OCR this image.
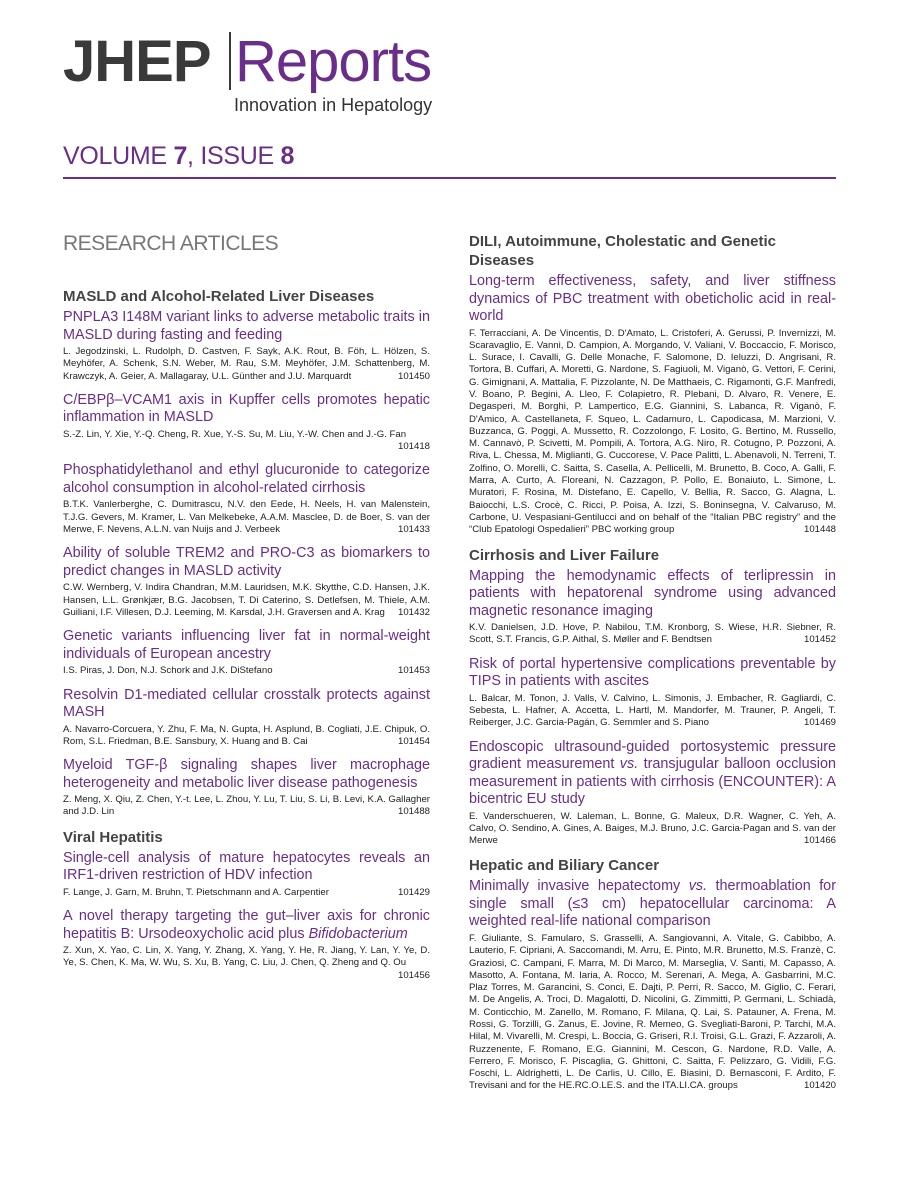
JHEP Reports
Innovation in Hepatology
VOLUME 7, ISSUE 8
RESEARCH ARTICLES
MASLD and Alcohol-Related Liver Diseases
PNPLA3 I148M variant links to adverse metabolic traits in MASLD during fasting and feeding
L. Jegodzinski, L. Rudolph, D. Castven, F. Sayk, A.K. Rout, B. Föh, L. Hölzen, S. Meyhöfer, A. Schenk, S.N. Weber, M. Rau, S.M. Meyhöfer, J.M. Schattenberg, M. Krawczyk, A. Geier, A. Mallagaray, U.L. Günther and J.U. Marquardt	101450
C/EBPβ–VCAM1 axis in Kupffer cells promotes hepatic inflammation in MASLD
S.-Z. Lin, Y. Xie, Y.-Q. Cheng, R. Xue, Y.-S. Su, M. Liu, Y.-W. Chen and J.-G. Fan
101418
Phosphatidylethanol and ethyl glucuronide to categorize alcohol consumption in alcohol-related cirrhosis
B.T.K. Vanlerberghe, C. Dumitrascu, N.V. den Eede, H. Neels, H. van Malenstein, T.J.G. Gevers, M. Kramer, L. Van Melkebeke, A.A.M. Masclee, D. de Boer, S. van der Merwe, F. Nevens, A.L.N. van Nuijs and J. Verbeek	101433
Ability of soluble TREM2 and PRO-C3 as biomarkers to predict changes in MASLD activity
C.W. Wernberg, V. Indira Chandran, M.M. Lauridsen, M.K. Skytthe, C.D. Hansen, J.K. Hansen, L.L. Grønkjær, B.G. Jacobsen, T. Di Caterino, S. Detlefsen, M. Thiele, A.M. Guiliani, I.F. Villesen, D.J. Leeming, M. Karsdal, J.H. Graversen and A. Krag 101432
Genetic variants influencing liver fat in normal-weight individuals of European ancestry
I.S. Piras, J. Don, N.J. Schork and J.K. DiStefano	101453
Resolvin D1-mediated cellular crosstalk protects against MASH
A. Navarro-Corcuera, Y. Zhu, F. Ma, N. Gupta, H. Asplund, B. Cogliati, J.E. Chipuk, O. Rom, S.L. Friedman, B.E. Sansbury, X. Huang and B. Cai	101454
Myeloid TGF-β signaling shapes liver macrophage heterogeneity and metabolic liver disease pathogenesis
Z. Meng, X. Qiu, Z. Chen, Y.-t. Lee, L. Zhou, Y. Lu, T. Liu, S. Li, B. Levi, K.A. Gallagher and J.D. Lin	101488
Viral Hepatitis
Single-cell analysis of mature hepatocytes reveals an IRF1-driven restriction of HDV infection
F. Lange, J. Garn, M. Bruhn, T. Pietschmann and A. Carpentier	101429
A novel therapy targeting the gut–liver axis for chronic hepatitis B: Ursodeoxycholic acid plus Bifidobacterium
Z. Xun, X. Yao, C. Lin, X. Yang, Y. Zhang, X. Yang, Y. He, R. Jiang, Y. Lan, Y. Ye, D. Ye, S. Chen, K. Ma, W. Wu, S. Xu, B. Yang, C. Liu, J. Chen, Q. Zheng and Q. Ou
101456
DILI, Autoimmune, Cholestatic and Genetic Diseases
Long-term effectiveness, safety, and liver stiffness dynamics of PBC treatment with obeticholic acid in real-world
F. Terracciani, A. De Vincentis, D. D'Amato, L. Cristoferi, A. Gerussi, P. Invernizzi, M. Scaravaglio, E. Vanni, D. Campion, A. Morgando, V. Valiani, V. Boccaccio, F. Morisco, L. Surace, I. Cavalli, G. Delle Monache, F. Salomone, D. Ieluzzi, D. Angrisani, R. Tortora, B. Cuffari, A. Moretti, G. Nardone, S. Fagiuoli, M. Viganò, G. Vettori, F. Cerini, G. Gimignani, A. Mattalia, F. Pizzolante, N. De Matthaeis, C. Rigamonti, G.F. Manfredi, V. Boano, P. Begini, A. Lleo, F. Colapietro, R. Plebani, D. Alvaro, R. Venere, E. Degasperi, M. Borghi, P. Lampertico, E.G. Giannini, S. Labanca, R. Viganò, F. D'Amico, A. Castellaneta, F. Squeo, L. Cadamuro, L. Capodicasa, M. Marzioni, V. Buzzanca, G. Poggi, A. Mussetto, R. Cozzolongo, F. Losito, G. Bertino, M. Russello, M. Cannavò, P. Scivetti, M. Pompili, A. Tortora, A.G. Niro, R. Cotugno, P. Pozzoni, A. Riva, L. Chessa, M. Miglianti, G. Cuccorese, V. Pace Palitti, L. Abenavoli, N. Terreni, T. Zolfino, O. Morelli, C. Saitta, S. Casella, A. Pellicelli, M. Brunetto, B. Coco, A. Galli, F. Marra, A. Curto, A. Floreani, N. Cazzagon, P. Pollo, E. Bonaiuto, L. Simone, L. Muratori, F. Rosina, M. Distefano, E. Capello, V. Bellia, R. Sacco, G. Alagna, L. Baiocchi, L.S. Crocè, C. Ricci, P. Poisa, A. Izzi, S. Boninsegna, V. Calvaruso, M. Carbone, U. Vespasiani-Gentilucci and on behalf of the “Italian PBC registry” and the “Club Epatologi Ospedalieri” PBC working group	101448
Cirrhosis and Liver Failure
Mapping the hemodynamic effects of terlipressin in patients with hepatorenal syndrome using advanced magnetic resonance imaging
K.V. Danielsen, J.D. Hove, P. Nabilou, T.M. Kronborg, S. Wiese, H.R. Siebner, R. Scott, S.T. Francis, G.P. Aithal, S. Møller and F. Bendtsen	101452
Risk of portal hypertensive complications preventable by TIPS in patients with ascites
L. Balcar, M. Tonon, J. Valls, V. Calvino, L. Simonis, J. Embacher, R. Gagliardi, C. Sebesta, L. Hafner, A. Accetta, L. Hartl, M. Mandorfer, M. Trauner, P. Angeli, T. Reiberger, J.C. Garcia-Pagán, G. Semmler and S. Piano	101469
Endoscopic ultrasound-guided portosystemic pressure gradient measurement vs. transjugular balloon occlusion measurement in patients with cirrhosis (ENCOUNTER): A bicentric EU study
E. Vanderschueren, W. Laleman, L. Bonne, G. Maleux, D.R. Wagner, C. Yeh, A. Calvo, O. Sendino, A. Gines, A. Baiges, M.J. Bruno, J.C. Garcia-Pagan and S. van der Merwe	101466
Hepatic and Biliary Cancer
Minimally invasive hepatectomy vs. thermoablation for single small (≤3 cm) hepatocellular carcinoma: A weighted real-life national comparison
F. Giuliante, S. Famularo, S. Grasselli, A. Sangiovanni, A. Vitale, G. Cabibbo, A. Lauterio, F. Cipriani, A. Saccomandi, M. Arru, E. Pinto, M.R. Brunetto, M.S. Franzè, C. Graziosi, C. Campani, F. Marra, M. Di Marco, M. Marseglia, V. Santi, M. Capasso, A. Masotto, A. Fontana, M. Iaria, A. Rocco, M. Serenari, A. Mega, A. Gasbarrini, M.C. Plaz Torres, M. Garancini, S. Conci, E. Dajti, P. Perri, R. Sacco, M. Giglio, C. Ferari, M. De Angelis, A. Troci, D. Magalotti, D. Nicolini, G. Zimmitti, P. Germani, L. Schiadà, M. Conticchio, M. Zanello, M. Romano, F. Milana, Q. Lai, S. Patauner, A. Frena, M. Rossi, G. Torzilli, G. Zanus, E. Jovine, R. Memeo, G. Svegliati-Baroni, P. Tarchi, M.A. Hilal, M. Vivarelli, M. Crespi, L. Boccia, G. Griseri, R.I. Troisi, G.L. Grazi, F. Azzaroli, A. Ruzzenente, F. Romano, E.G. Giannini, M. Cescon, G. Nardone, R.D. Valle, A. Ferrero, F. Morisco, F. Piscaglia, G. Ghittoni, C. Saitta, F. Pelizzaro, G. Vidili, F.G. Foschi, L. Aldrighetti, L. De Carlis, U. Cillo, E. Biasini, D. Bernasconi, F. Ardito, F. Trevisani and for the HE.RC.O.LE.S. and the ITA.LI.CA. groups	101420
